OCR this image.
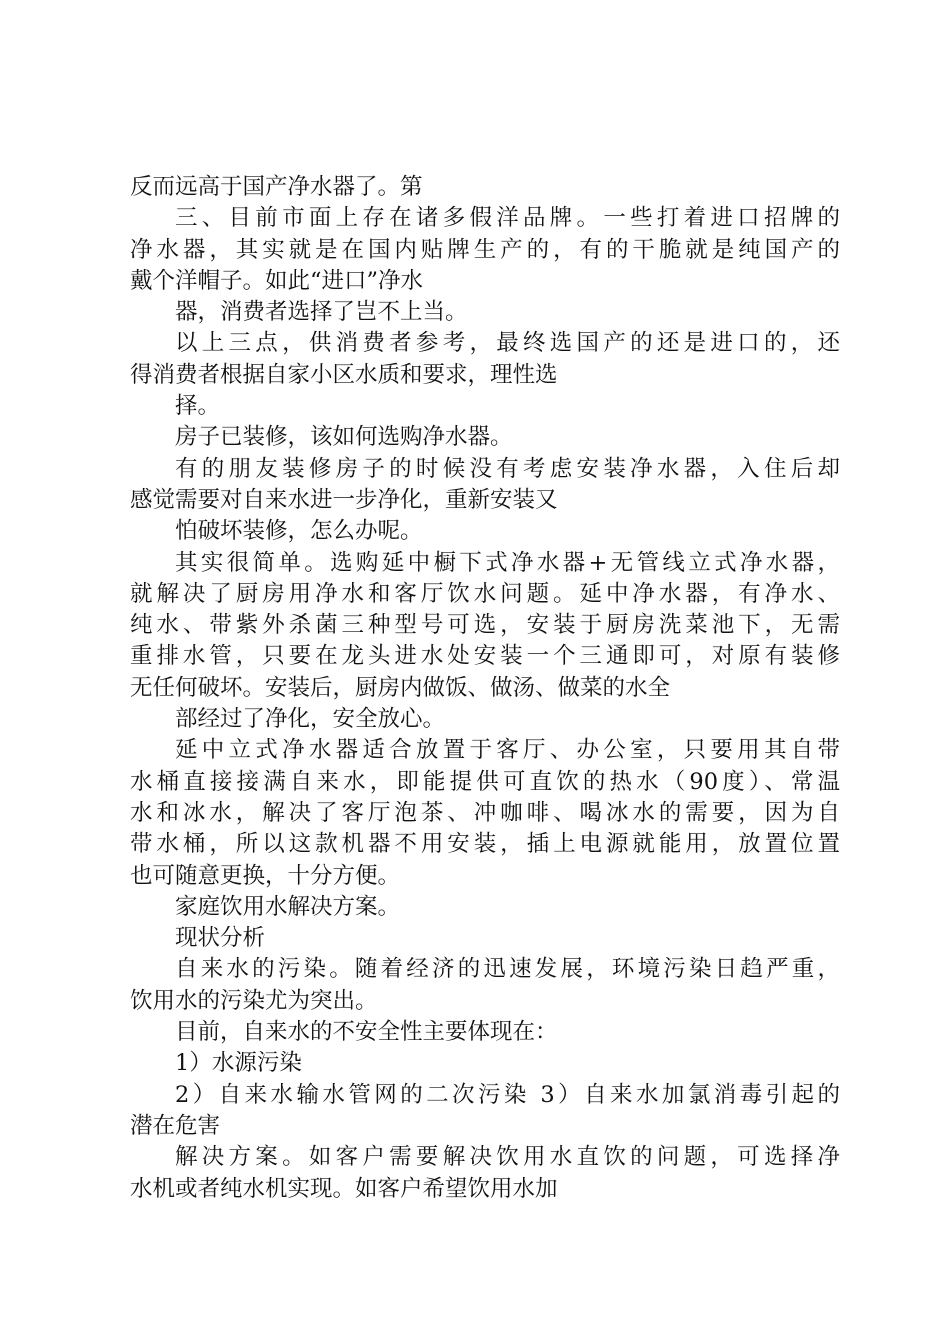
反而远高于国产净水器了。第
三、目前市面上存在诸多假洋品牌。一些打着进口招牌的
净水器，其实就是在国内贴牌生产的，有的干脆就是纯国产的
戴个洋帽子。如此“进口”净水
器，消费者选择了岂不上当。
以上三点，供消费者参考，最终选国产的还是进口的，还
得消费者根据自家小区水质和要求，理性选
择。
房子已装修，该如何选购净水器。
有的朋友装修房子的时候没有考虑安装净水器，入住后却
感觉需要对自来水进一步净化，重新安装又
怕破坏装修，怎么办呢。
其实很简单。选购延中橱下式净水器+无管线立式净水器，
就解决了厨房用净水和客厅饮水问题。延中净水器，有净水、
纯水、带紫外杀菌三种型号可选，安装于厨房洗菜池下，无需
重排水管，只要在龙头进水处安装一个三通即可，对原有装修
无任何破坏。安装后，厨房内做饭、做汤、做菜的水全
部经过了净化，安全放心。
延中立式净水器适合放置于客厅、办公室，只要用其自带
水桶直接接满自来水，即能提供可直饮的热水（90度）、常温
水和冰水，解决了客厅泡茶、冲咖啡、喝冰水的需要，因为自
带水桶，所以这款机器不用安装，插上电源就能用，放置位置
也可随意更换，十分方便。
家庭饮用水解决方案。
现状分析
自来水的污染。随着经济的迅速发展，环境污染日趋严重，
饮用水的污染尤为突出。
目前，自来水的不安全性主要体现在：
1）水源污染
2）自来水输水管网的二次污染 3）自来水加氯消毒引起的
潜在危害
解决方案。如客户需要解决饮用水直饮的问题，可选择净
水机或者纯水机实现。如客户希望饮用水加
